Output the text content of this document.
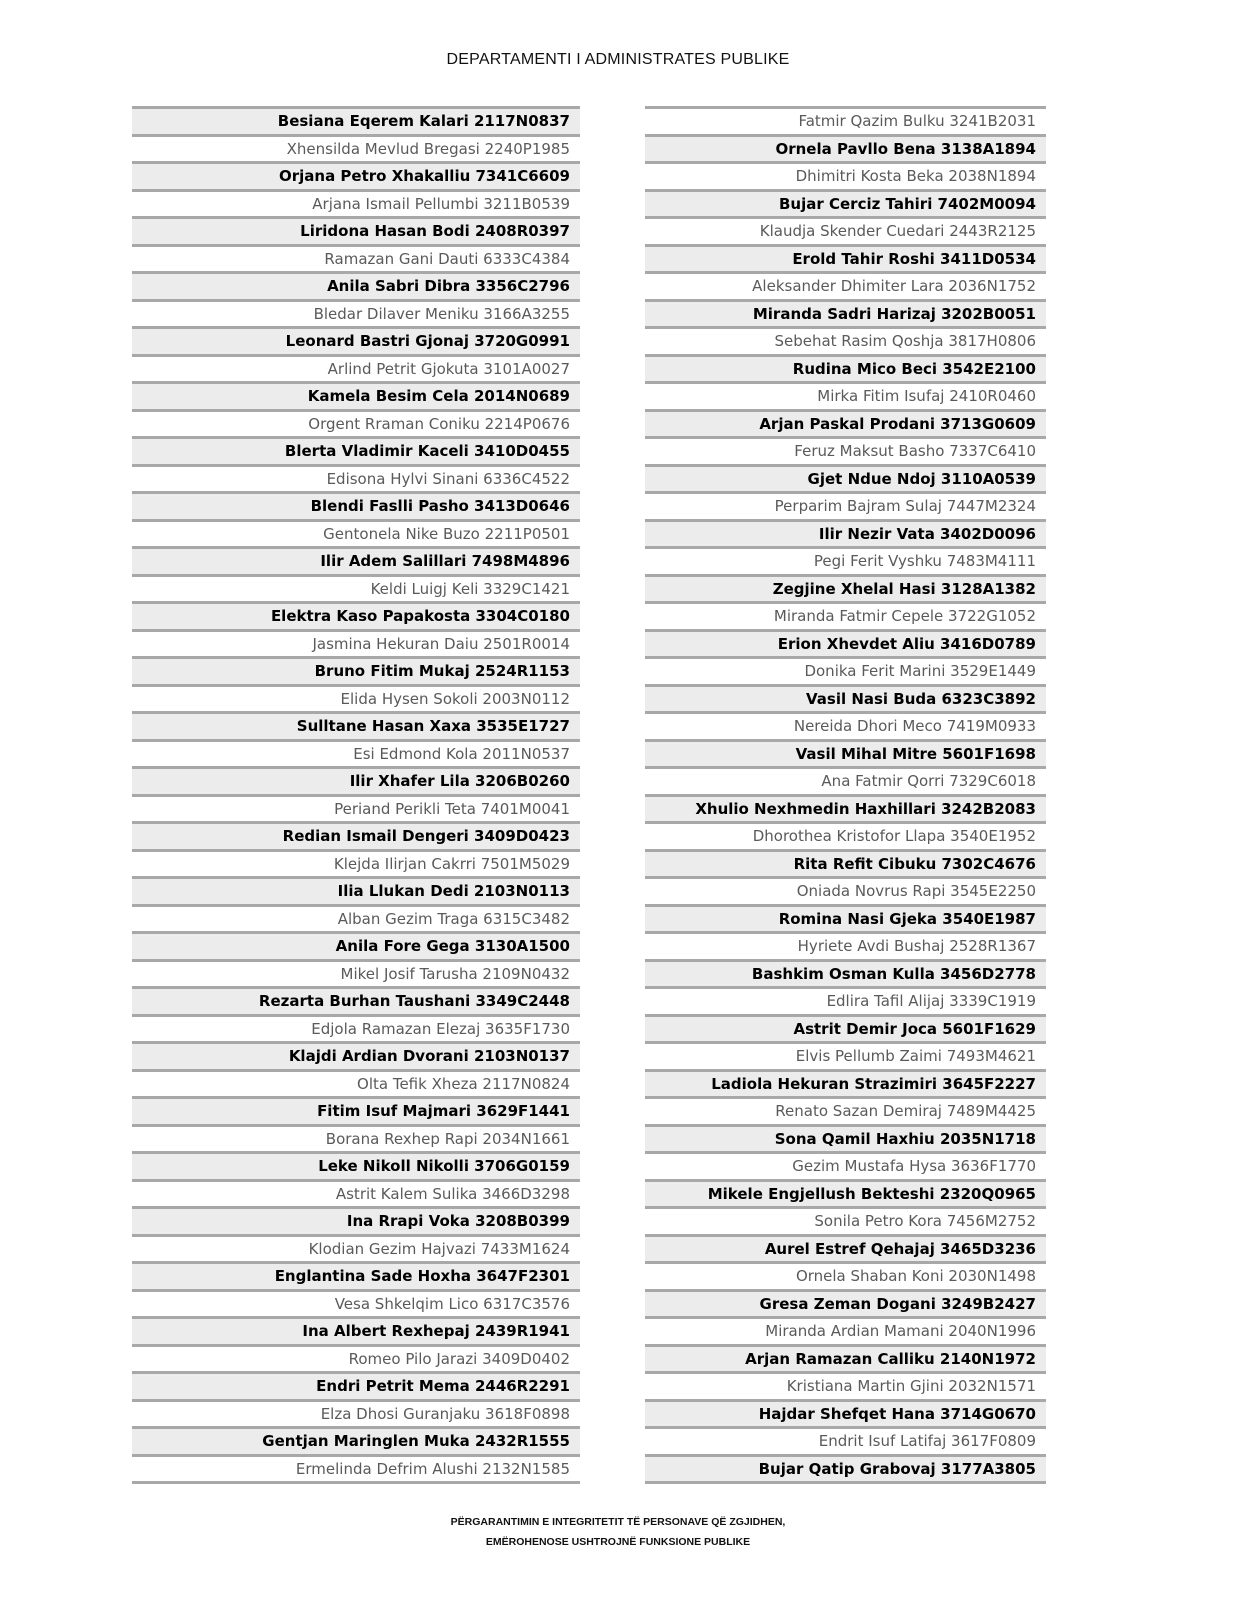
DEPARTAMENTI I ADMINISTRATES PUBLIKE
Besiana Eqerem Kalari 2117N0837
Xhensilda Mevlud Bregasi 2240P1985
Orjana Petro Xhakalliu 7341C6609
Arjana Ismail Pellumbi 3211B0539
Liridona Hasan Bodi 2408R0397
Ramazan Gani Dauti 6333C4384
Anila Sabri Dibra 3356C2796
Bledar Dilaver Meniku 3166A3255
Leonard Bastri Gjonaj 3720G0991
Arlind Petrit Gjokuta 3101A0027
Kamela Besim Cela 2014N0689
Orgent Rraman Coniku 2214P0676
Blerta Vladimir Kaceli 3410D0455
Edisona Hylvi Sinani 6336C4522
Blendi Faslli Pasho 3413D0646
Gentonela Nike Buzo 2211P0501
Ilir Adem Salillari 7498M4896
Keldi Luigj Keli 3329C1421
Elektra Kaso Papakosta 3304C0180
Jasmina Hekuran Daiu 2501R0014
Bruno Fitim Mukaj 2524R1153
Elida Hysen Sokoli 2003N0112
Sulltane Hasan Xaxa 3535E1727
Esi Edmond Kola 2011N0537
Ilir Xhafer Lila 3206B0260
Periand Perikli Teta 7401M0041
Redian Ismail Dengeri 3409D0423
Klejda Ilirjan Cakrri 7501M5029
Ilia Llukan Dedi 2103N0113
Alban Gezim Traga 6315C3482
Anila Fore Gega 3130A1500
Mikel Josif Tarusha 2109N0432
Rezarta Burhan Taushani 3349C2448
Edjola Ramazan Elezaj 3635F1730
Klajdi Ardian Dvorani 2103N0137
Olta Tefik Xheza 2117N0824
Fitim Isuf Majmari 3629F1441
Borana Rexhep Rapi 2034N1661
Leke Nikoll Nikolli 3706G0159
Astrit Kalem Sulika 3466D3298
Ina Rrapi Voka 3208B0399
Klodian Gezim Hajvazi 7433M1624
Englantina Sade Hoxha 3647F2301
Vesa Shkelqim Lico 6317C3576
Ina Albert Rexhepaj 2439R1941
Romeo Pilo Jarazi 3409D0402
Endri Petrit Mema 2446R2291
Elza Dhosi Guranjaku 3618F0898
Gentjan Maringlen Muka 2432R1555
Ermelinda Defrim Alushi 2132N1585
Fatmir Qazim Bulku 3241B2031
Ornela Pavllo Bena 3138A1894
Dhimitri Kosta Beka 2038N1894
Bujar Cerciz Tahiri 7402M0094
Klaudja Skender Cuedari 2443R2125
Erold Tahir Roshi 3411D0534
Aleksander Dhimiter Lara 2036N1752
Miranda Sadri Harizaj 3202B0051
Sebehat Rasim Qoshja 3817H0806
Rudina Mico Beci 3542E2100
Mirka Fitim Isufaj 2410R0460
Arjan Paskal Prodani 3713G0609
Feruz Maksut Basho 7337C6410
Gjet Ndue Ndoj 3110A0539
Perparim Bajram Sulaj 7447M2324
Ilir Nezir Vata 3402D0096
Pegi Ferit Vyshku 7483M4111
Zegjine Xhelal Hasi 3128A1382
Miranda Fatmir Cepele 3722G1052
Erion Xhevdet Aliu 3416D0789
Donika Ferit Marini 3529E1449
Vasil Nasi Buda 6323C3892
Nereida Dhori Meco 7419M0933
Vasil Mihal Mitre 5601F1698
Ana Fatmir Qorri 7329C6018
Xhulio Nexhmedin Haxhillari 3242B2083
Dhorothea Kristofor Llapa 3540E1952
Rita Refit Cibuku 7302C4676
Oniada Novrus Rapi 3545E2250
Romina Nasi Gjeka 3540E1987
Hyriete Avdi Bushaj 2528R1367
Bashkim Osman Kulla 3456D2778
Edlira Tafil Alijaj 3339C1919
Astrit Demir Joca 5601F1629
Elvis Pellumb Zaimi 7493M4621
Ladiola Hekuran Strazimiri 3645F2227
Renato Sazan Demiraj 7489M4425
Sona Qamil Haxhiu 2035N1718
Gezim Mustafa Hysa 3636F1770
Mikele Engjellush Bekteshi 2320Q0965
Sonila Petro Kora 7456M2752
Aurel Estref Qehajaj 3465D3236
Ornela Shaban Koni 2030N1498
Gresa Zeman Dogani 3249B2427
Miranda Ardian Mamani 2040N1996
Arjan Ramazan Calliku 2140N1972
Kristiana Martin Gjini 2032N1571
Hajdar Shefqet Hana 3714G0670
Endrit Isuf Latifaj 3617F0809
Bujar Qatip Grabovaj 3177A3805
PËRGARANTIMIN E INTEGRITETIT TË PERSONAVE QË ZGJIDHEN,
EMËROHENOSE USHTROJNË FUNKSIONE PUBLIKE
